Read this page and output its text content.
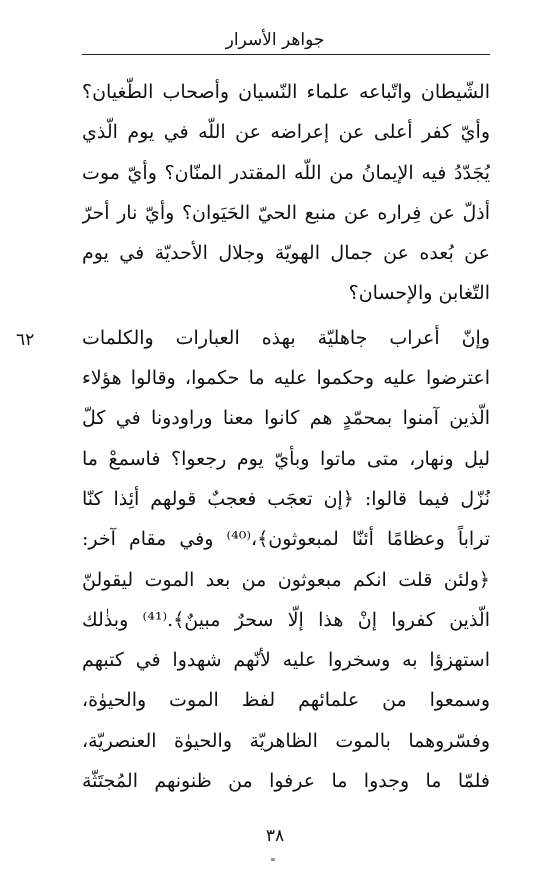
جواهر الأسرار
الشّيطان واتّباعه علماء النّسيان وأصحاب الطّغيان؟
وأيّ كفر أعلى عن إعراضه عن اللّه في يوم الّذي
يُجَدّدُ فيه الإيمانُ من اللّه المقتدر المنّان؟ وأيّ موت
أذلّ عن فِراره عن منبع الحيّ الحَيَوان؟ وأيّ نار أحرّ
عن بُعده عن جمال الهويّة وجلال الأحديّة في يوم
التّغابن والإحسان؟
وإنّ أعراب جاهليّة بهذه العبارات والكلمات
اعترضوا عليه وحكموا عليه ما حكموا، وقالوا هؤلاء
الّذين آمنوا بمحمّدٍ هم كانوا معنا وراودونا في كلّ
ليل ونهار، متى ماتوا وبأيّ يوم رجعوا؟ فاسمعْ ما
نُزّل فيما قالوا: ﴿إن تعجَب فعجبٌ قولهم أئِذا كنّا
تراباً وعظامًا أئنّا لمبعوثون﴾،⁽⁴⁰⁾ وفي مقام آخر:
﴿ولئن قلت انكم مبعوثون من بعد الموت ليقولنّ
الّذين كفروا إنْ هذا إلّا سحرٌ مبينٌ﴾.⁽⁴¹⁾ وبذٰلك
استهزؤا به وسخروا عليه لأنّهم شهدوا في كتبهم
وسمعوا من علمائهم لفظ الموت والحيوٰة،
وفسّروهما بالموت الظاهريّة والحيوٰة العنصريّة،
فلمّا ما وجدوا ما عرفوا من ظنونهم المُجتَثّة
٦٢
٣٨
